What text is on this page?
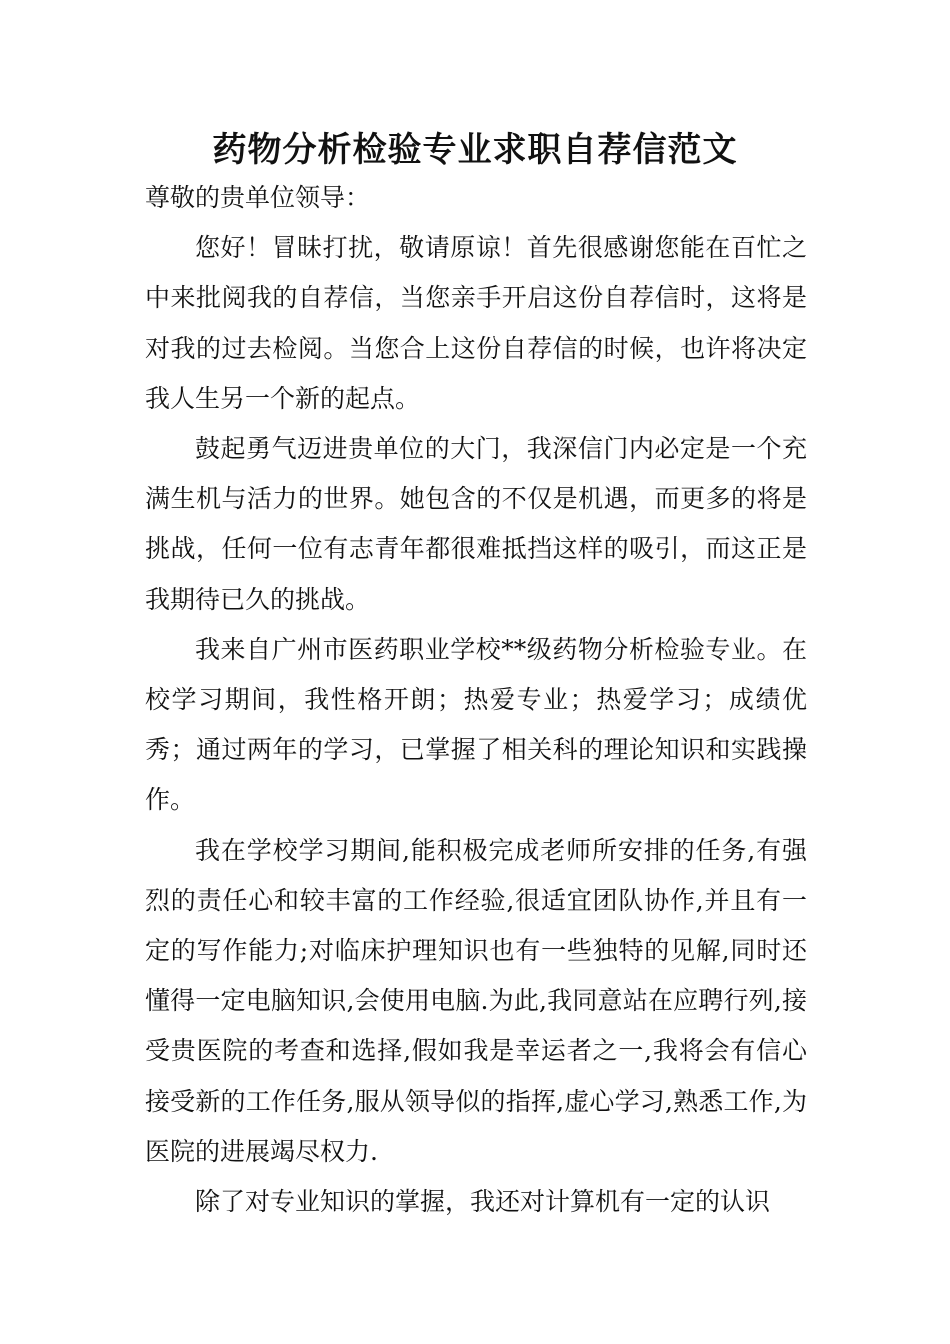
药物分析检验专业求职自荐信范文

尊敬的贵单位领导：

您好！冒昧打扰，敬请原谅！首先很感谢您能在百忙之中来批阅我的自荐信，当您亲手开启这份自荐信时，这将是对我的过去检阅。当您合上这份自荐信的时候，也许将决定我人生另一个新的起点。

鼓起勇气迈进贵单位的大门，我深信门内必定是一个充满生机与活力的世界。她包含的不仅是机遇，而更多的将是挑战，任何一位有志青年都很难抵挡这样的吸引，而这正是我期待已久的挑战。

我来自广州市医药职业学校**级药物分析检验专业。在校学习期间，我性格开朗；热爱专业；热爱学习；成绩优秀；通过两年的学习，已掌握了相关科的理论知识和实践操作。

我在学校学习期间,能积极完成老师所安排的任务,有强烈的责任心和较丰富的工作经验,很适宜团队协作,并且有一定的写作能力;对临床护理知识也有一些独特的见解,同时还懂得一定电脑知识,会使用电脑.为此,我同意站在应聘行列,接受贵医院的考查和选择,假如我是幸运者之一,我将会有信心接受新的工作任务,服从领导似的指挥,虚心学习,熟悉工作,为医院的进展竭尽权力.

除了对专业知识的掌握，我还对计算机有一定的认识
